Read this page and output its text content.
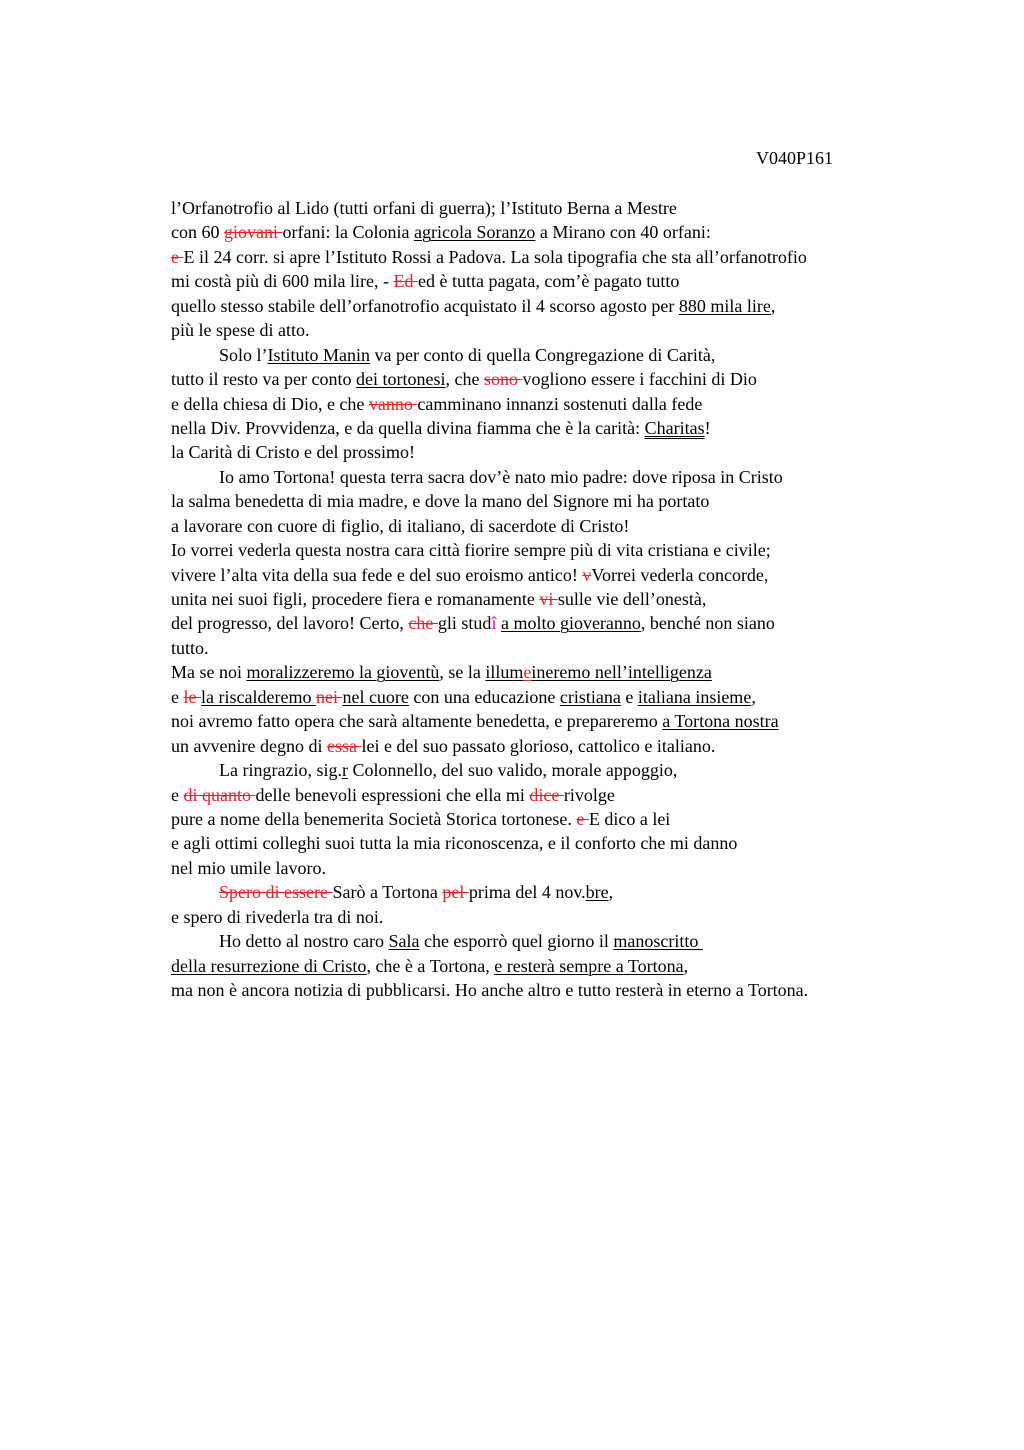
V040P161
l’Orfanotrofio al Lido (tutti orfani di guerra); l’Istituto Berna a Mestre
con 60 giovani orfani: la Colonia agricola Soranzo a Mirano con 40 orfani:
e E il 24 corr. si apre l’Istituto Rossi a Padova. La sola tipografia che sta all’orfanotrofio
mi costà più di 600 mila lire, - Ed ed è tutta pagata, com’è pagato tutto
quello stesso stabile dell’orfanotrofio acquistato il 4 scorso agosto per 880 mila lire,
più le spese di atto.
Solo l’Istituto Manin va per conto di quella Congregazione di Carità,
tutto il resto va per conto dei tortonesi, che sono vogliono essere i facchini di Dio
e della chiesa di Dio, e che vanno camminano innanzi sostenuti dalla fede
nella Div. Provvidenza, e da quella divina fiamma che è la carità: Charitas!
la Carità di Cristo e del prossimo!
Io amo Tortona! questa terra sacra dov’è nato mio padre: dove riposa in Cristo
la salma benedetta di mia madre, e dove la mano del Signore mi ha portato
a lavorare con cuore di figlio, di italiano, di sacerdote di Cristo!
Io vorrei vederla questa nostra cara città fiorire sempre più di vita cristiana e civile;
vivere l’alta vita della sua fede e del suo eroismo antico! vVorrei vederla concorde,
unita nei suoi figli, procedere fiera e romanamente vi sulle vie dell’onestà,
del progresso, del lavoro! Certo, che gli studî a molto gioveranno, benché non siano
tutto.
Ma se noi moralizzeremo la gioventù, se la illumeineremo nell’intelligenza
e le la riscalderemo nei nel cuore con una educazione cristiana e italiana insieme,
noi avremo fatto opera che sarà altamente benedetta, e prepareremo a Tortona nostra
un avvenire degno di essa lei e del suo passato glorioso, cattolico e italiano.
La ringrazio, sig.r Colonnello, del suo valido, morale appoggio,
e di quanto delle benevoli espressioni che ella mi dice rivolge
pure a nome della benemerita Società Storica tortonese. e E dico a lei
e agli ottimi colleghi suoi tutta la mia riconoscenza, e il conforto che mi danno
nel mio umile lavoro.
Spero di essere Sarò a Tortona pel prima del 4 nov.bre,
e spero di rivederla tra di noi.
Ho detto al nostro caro Sala che esporrò quel giorno il manoscritto
della resurrezione di Cristo, che è a Tortona, e resterà sempre a Tortona,
ma non è ancora notizia di pubblicarsi. Ho anche altro e tutto resterà in eterno a Tortona.
